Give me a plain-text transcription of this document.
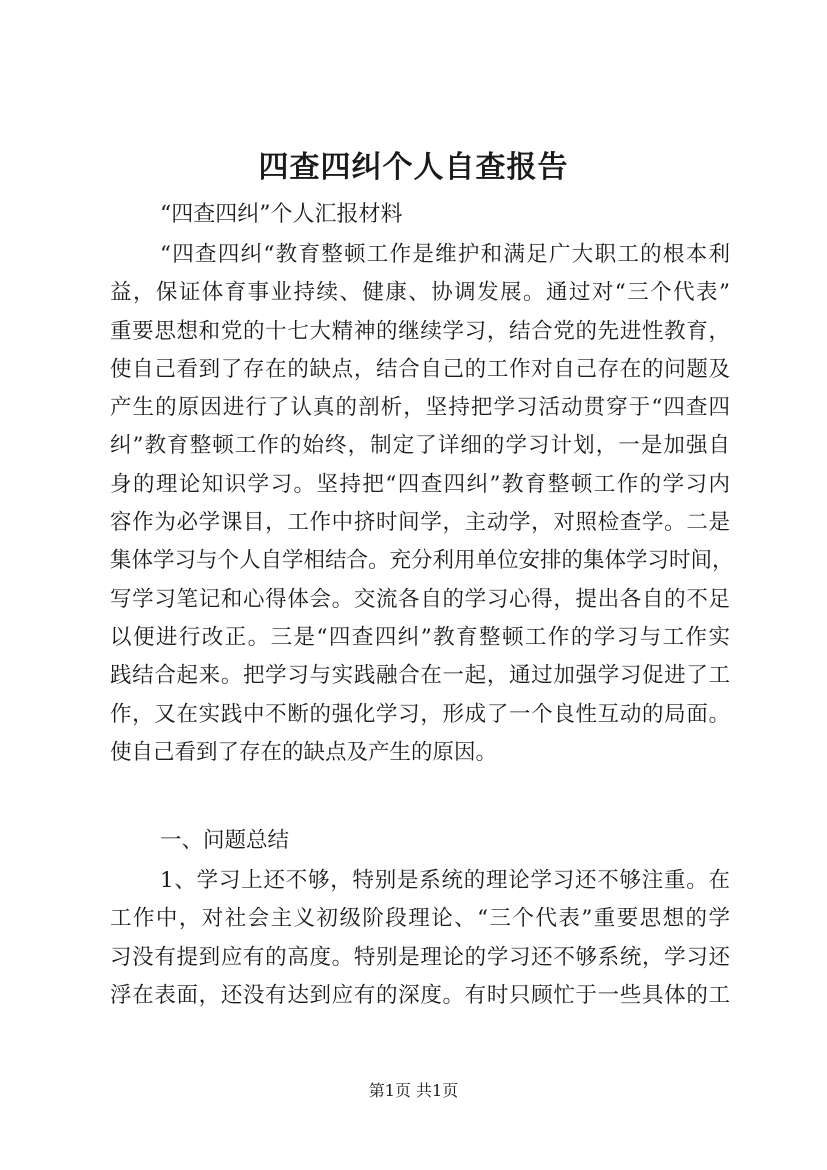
四查四纠个人自查报告
“四查四纠”个人汇报材料
“四查四纠“教育整顿工作是维护和满足广大职工的根本利
益，保证体育事业持续、健康、协调发展。通过对“三个代表”
重要思想和党的十七大精神的继续学习，结合党的先进性教育，
使自己看到了存在的缺点，结合自己的工作对自己存在的问题及
产生的原因进行了认真的剖析，坚持把学习活动贯穿于“四查四
纠”教育整顿工作的始终，制定了详细的学习计划，一是加强自
身的理论知识学习。坚持把“四查四纠”教育整顿工作的学习内
容作为必学课目，工作中挤时间学，主动学，对照检查学。二是
集体学习与个人自学相结合。充分利用单位安排的集体学习时间，
写学习笔记和心得体会。交流各自的学习心得，提出各自的不足
以便进行改正。三是“四查四纠”教育整顿工作的学习与工作实
践结合起来。把学习与实践融合在一起，通过加强学习促进了工
作，又在实践中不断的强化学习，形成了一个良性互动的局面。
使自己看到了存在的缺点及产生的原因。
一、问题总结
1、学习上还不够，特别是系统的理论学习还不够注重。在
工作中，对社会主义初级阶段理论、“三个代表”重要思想的学
习没有提到应有的高度。特别是理论的学习还不够系统，学习还
浮在表面，还没有达到应有的深度。有时只顾忙于一些具体的工
第1页 共1页
